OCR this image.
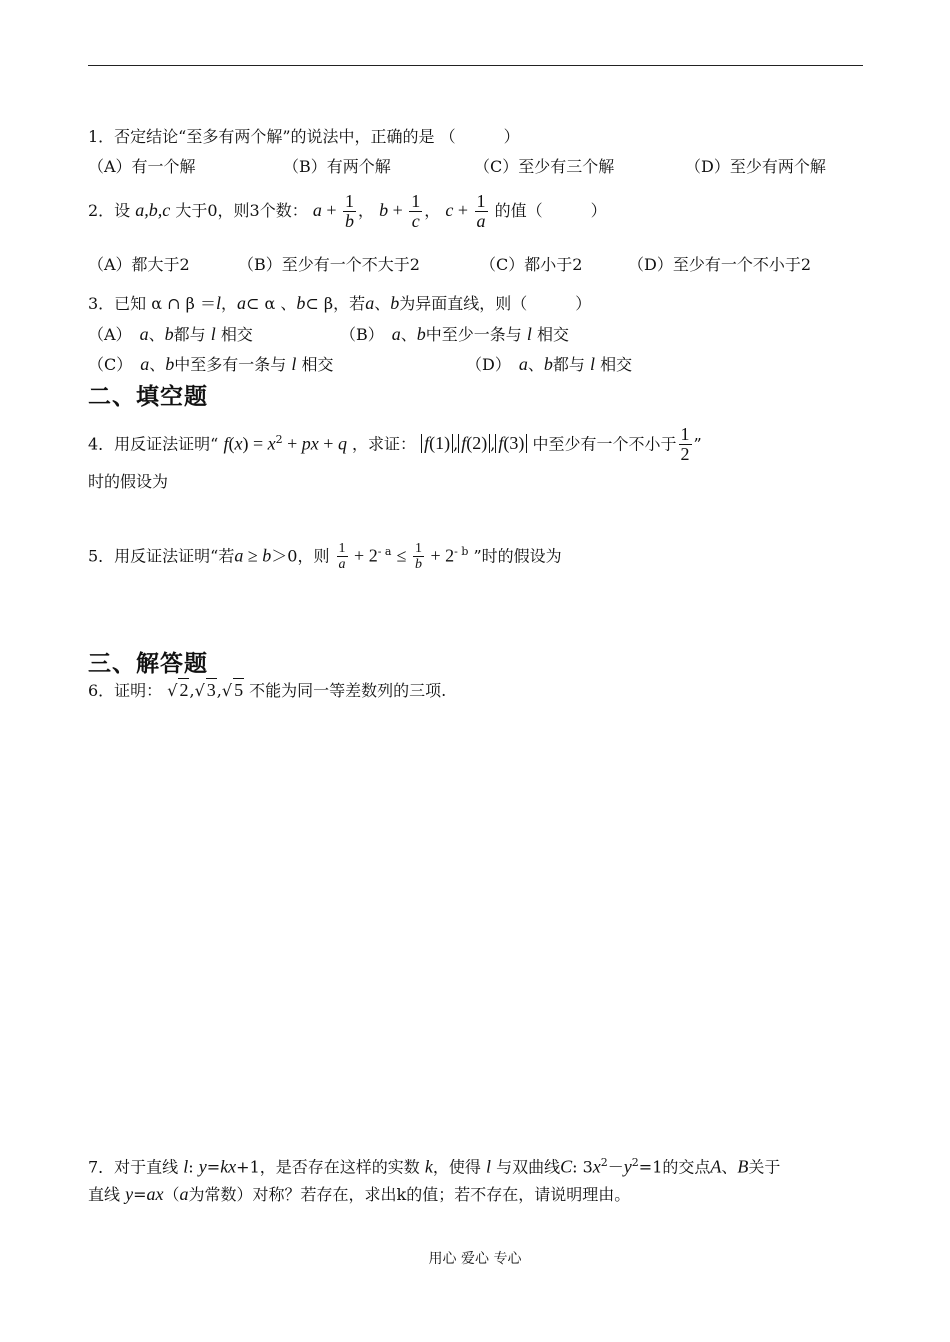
1．否定结论“至多有两个解”的说法中，正确的是 （　　　）
（A）有一个解	（B）有两个解	（C）至少有三个解	（D）至少有两个解
2．设 a,b,c 大于0，则3个数： $a + \frac{1}{b}$ ， $b + \frac{1}{c}$ ， $c + \frac{1}{a}$ 的值（　　　）
（A）都大于2	（B）至少有一个不大于2	（C）都小于2	（D）至少有一个不小于2
3．已知 α ∩ β ＝l，a⊂ α 、b⊂ β，若a、b为异面直线，则（　　　）
（A）　 a、b都与 l 相交	（B）　 a、b中至少一条与 l 相交
（C）　 a、b中至多有一条与 l 相交	（D）　 a、b都与 l 相交
二、填空题
4．用反证法证明“ $f(x) = x^2$ + px + q ，求证： f(1) , f(2) , f(3) 中至少有一个不小于 $\frac{1}{2}$ ”
时的假设为
5．用反证法证明“若a ≥ b＞0，则 $\frac{1}{a} + 2^{- a} \le \frac{1}{b} + 2^{- b}$ ”时的假设为
三、解答题
6．证明： √ 2,√ 3,√ 5 不能为同一等差数列的三项.
7．对于直线 l: y=kx+1，是否存在这样的实数 k，使得 l 与双曲线C: $3x^2-y^2=1$的交点A、B关于
直线 y=ax（a为常数）对称？若存在，求出k的值；若不存在，请说明理由。
用心 爱心 专心
